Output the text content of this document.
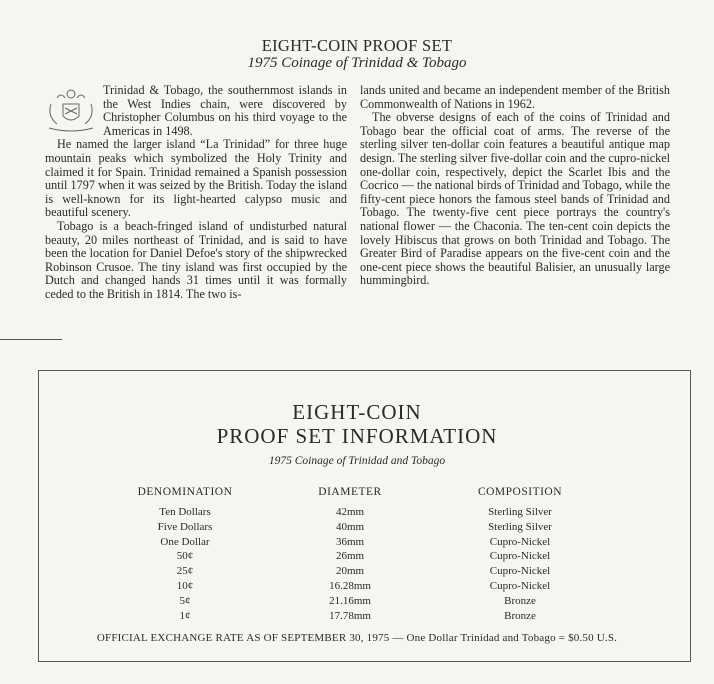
EIGHT-COIN PROOF SET
1975 Coinage of Trinidad & Tobago

Trinidad & Tobago, the southernmost islands in the West Indies chain, were discovered by Christopher Columbus on his third voyage to the Americas in 1498.

He named the larger island “La Trinidad” for three huge mountain peaks which symbolized the Holy Trinity and claimed it for Spain. Trinidad remained a Spanish possession until 1797 when it was seized by the British. Today the island is well-known for its light-hearted calypso music and beautiful scenery.

Tobago is a beach-fringed island of undisturbed natural beauty, 20 miles northeast of Trinidad, and is said to have been the location for Daniel Defoe's story of the shipwrecked Robinson Crusoe. The tiny island was first occupied by the Dutch and changed hands 31 times until it was formally ceded to the British in 1814. The two is-

lands united and became an independent member of the British Commonwealth of Nations in 1962.

The obverse designs of each of the coins of Trinidad and Tobago bear the official coat of arms. The reverse of the sterling silver ten-dollar coin features a beautiful antique map design. The sterling silver five-dollar coin and the cupro-nickel one-dollar coin, respectively, depict the Scarlet Ibis and the Cocrico — the national birds of Trinidad and Tobago, while the fifty-cent piece honors the famous steel bands of Trinidad and Tobago. The twenty-five cent piece portrays the country's national flower — the Chaconia. The ten-cent coin depicts the lovely Hibiscus that grows on both Trinidad and Tobago. The Greater Bird of Paradise appears on the five-cent coin and the one-cent piece shows the beautiful Balisier, an unusually large hummingbird.

EIGHT-COIN
PROOF SET INFORMATION
1975 Coinage of Trinidad and Tobago
DENOMINATION	DIAMETER	COMPOSITION
Ten Dollars
Five Dollars
One Dollar
50¢
25¢
10¢
5¢
1¢
42mm
40mm
36mm
26mm
20mm
16.28mm
21.16mm
17.78mm
Sterling Silver
Sterling Silver
Cupro-Nickel
Cupro-Nickel
Cupro-Nickel
Cupro-Nickel
Bronze
Bronze
OFFICIAL EXCHANGE RATE AS OF SEPTEMBER 30, 1975 — One Dollar Trinidad and Tobago = $0.50 U.S.
